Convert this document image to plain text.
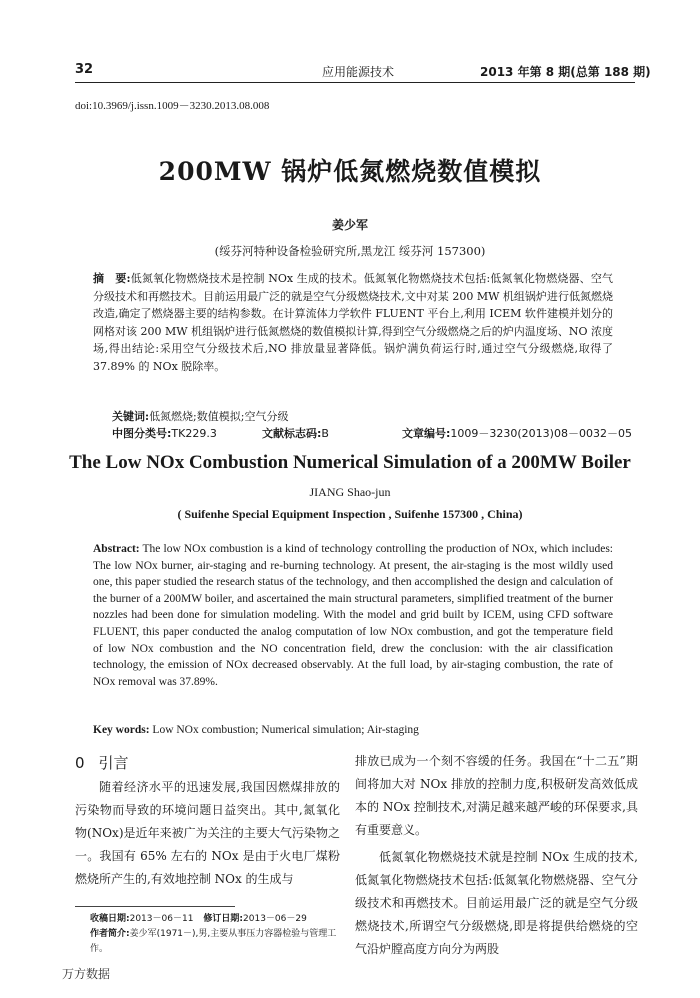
32	应用能源技术	2013 年第 8 期(总第 188 期)
doi:10.3969/j.issn.1009－3230.2013.08.008
200MW 锅炉低氮燃烧数值模拟
姜少军
(绥芬河特种设备检验研究所,黑龙江 绥芬河 157300)
摘　要:低氮氧化物燃烧技术是控制 NOx 生成的技术。低氮氧化物燃烧技术包括:低氮氧化物燃烧器、空气分级技术和再燃技术。目前运用最广泛的就是空气分级燃烧技术,文中对某 200 MW 机组锅炉进行低氮燃烧改造,确定了燃烧器主要的结构参数。在计算流体力学软件 FLUENT 平台上,利用 ICEM 软件建模并划分的网格对该 200 MW 机组锅炉进行低氮燃烧的数值模拟计算,得到空气分级燃烧之后的炉内温度场、NO 浓度场,得出结论:采用空气分级技术后,NO 排放量显著降低。锅炉满负荷运行时,通过空气分级燃烧,取得了 37.89% 的 NOx 脱除率。
关键词:低氮燃烧;数值模拟;空气分级
中图分类号:TK229.3	文献标志码:B	文章编号:1009－3230(2013)08－0032－05
The Low NOx Combustion Numerical Simulation of a 200MW Boiler
JIANG Shao-jun
( Suifenhe Special Equipment Inspection , Suifenhe 157300 , China)
Abstract: The low NOx combustion is a kind of technology controlling the production of NOx, which includes: The low NOx burner, air-staging and re-burning technology. At present, the air-staging is the most wildly used one, this paper studied the research status of the technology, and then accomplished the design and calculation of the burner of a 200MW boiler, and ascertained the main structural parameters, simplified treatment of the burner nozzles had been done for simulation modeling. With the model and grid built by ICEM, using CFD software FLUENT, this paper conducted the analog computation of low NOx combustion, and got the temperature field of low NOx combustion and the NO concentration field, drew the conclusion: with the air classification technology, the emission of NOx decreased observably. At the full load, by air-staging combustion, the rate of NOx removal was 37.89%.
Key words: Low NOx combustion; Numerical simulation; Air-staging
0 引言

随着经济水平的迅速发展,我国因燃煤排放的污染物而导致的环境问题日益突出。其中,氮氧化物(NOx)是近年来被广为关注的主要大气污染物之一。我国有 65% 左右的 NOx 是由于火电厂煤粉燃烧所产生的,有效地控制 NOx 的生成与

排放已成为一个刻不容缓的任务。我国在“十二五”期间将加大对 NOx 排放的控制力度,积极研发高效低成本的 NOx 控制技术,对满足越来越严峻的环保要求,具有重要意义。

低氮氧化物燃烧技术就是控制 NOx 生成的技术,低氮氧化物燃烧技术包括:低氮氧化物燃烧器、空气分级技术和再燃技术。目前运用最广泛的就是空气分级燃烧技术,所谓空气分级燃烧,即是将提供给燃烧的空气沿炉膛高度方向分为两股

收稿日期:2013－06－11 修订日期:2013－06－29
作者简介:姜少军(1971－),男,主要从事压力容器检验与管理工作。
万方数据
